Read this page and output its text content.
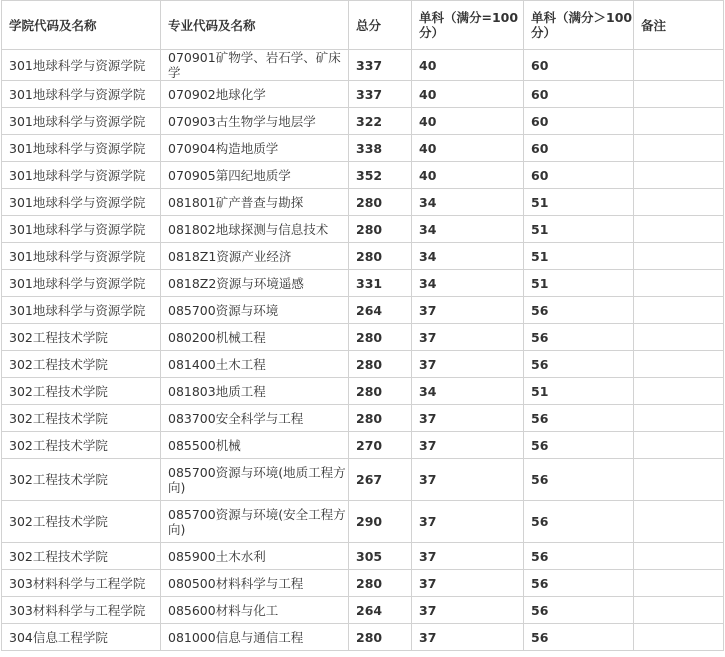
学院代码及名称	专业代码及名称	总分	单科（满分=100分）	单科（满分＞100分）	备注
301地球科学与资源学院	070901矿物学、岩石学、矿床学	337	40	60	
301地球科学与资源学院	070902地球化学	337	40	60	
301地球科学与资源学院	070903古生物学与地层学	322	40	60	
301地球科学与资源学院	070904构造地质学	338	40	60	
301地球科学与资源学院	070905第四纪地质学	352	40	60	
301地球科学与资源学院	081801矿产普查与勘探	280	34	51	
301地球科学与资源学院	081802地球探测与信息技术	280	34	51	
301地球科学与资源学院	0818Z1资源产业经济	280	34	51	
301地球科学与资源学院	0818Z2资源与环境遥感	331	34	51	
301地球科学与资源学院	085700资源与环境	264	37	56	
302工程技术学院	080200机械工程	280	37	56	
302工程技术学院	081400土木工程	280	37	56	
302工程技术学院	081803地质工程	280	34	51	
302工程技术学院	083700安全科学与工程	280	37	56	
302工程技术学院	085500机械	270	37	56	
302工程技术学院	085700资源与环境(地质工程方向)	267	37	56	
302工程技术学院	085700资源与环境(安全工程方向)	290	37	56	
302工程技术学院	085900土木水利	305	37	56	
303材料科学与工程学院	080500材料科学与工程	280	37	56	
303材料科学与工程学院	085600材料与化工	264	37	56	
304信息工程学院	081000信息与通信工程	280	37	56	
